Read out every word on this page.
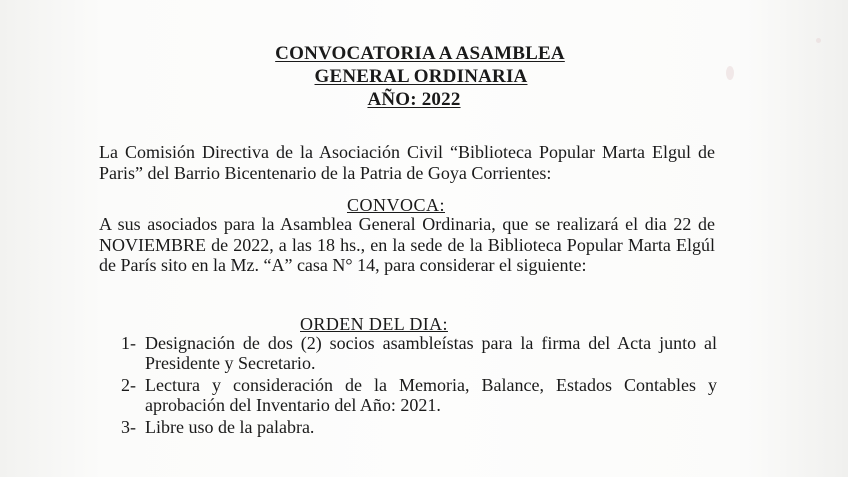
CONVOCATORIA A ASAMBLEA
GENERAL ORDINARIA
AÑO: 2022

La Comisión Directiva de la Asociación Civil “Biblioteca Popular Marta Elgul de Paris” del Barrio Bicentenario de la Patria de Goya Corrientes:

CONVOCA:

A sus asociados para la Asamblea General Ordinaria, que se realizará el dia 22 de NOVIEMBRE de 2022, a las 18 hs., en la sede de la Biblioteca Popular Marta Elgúl de París sito en la Mz. “A” casa N° 14, para considerar el siguiente:

ORDEN DEL DIA:
1- Designación de dos (2) socios asambleístas para la firma del Acta junto al Presidente y Secretario.
2- Lectura y consideración de la Memoria, Balance, Estados Contables y aprobación del Inventario del Año: 2021.
3- Libre uso de la palabra.
